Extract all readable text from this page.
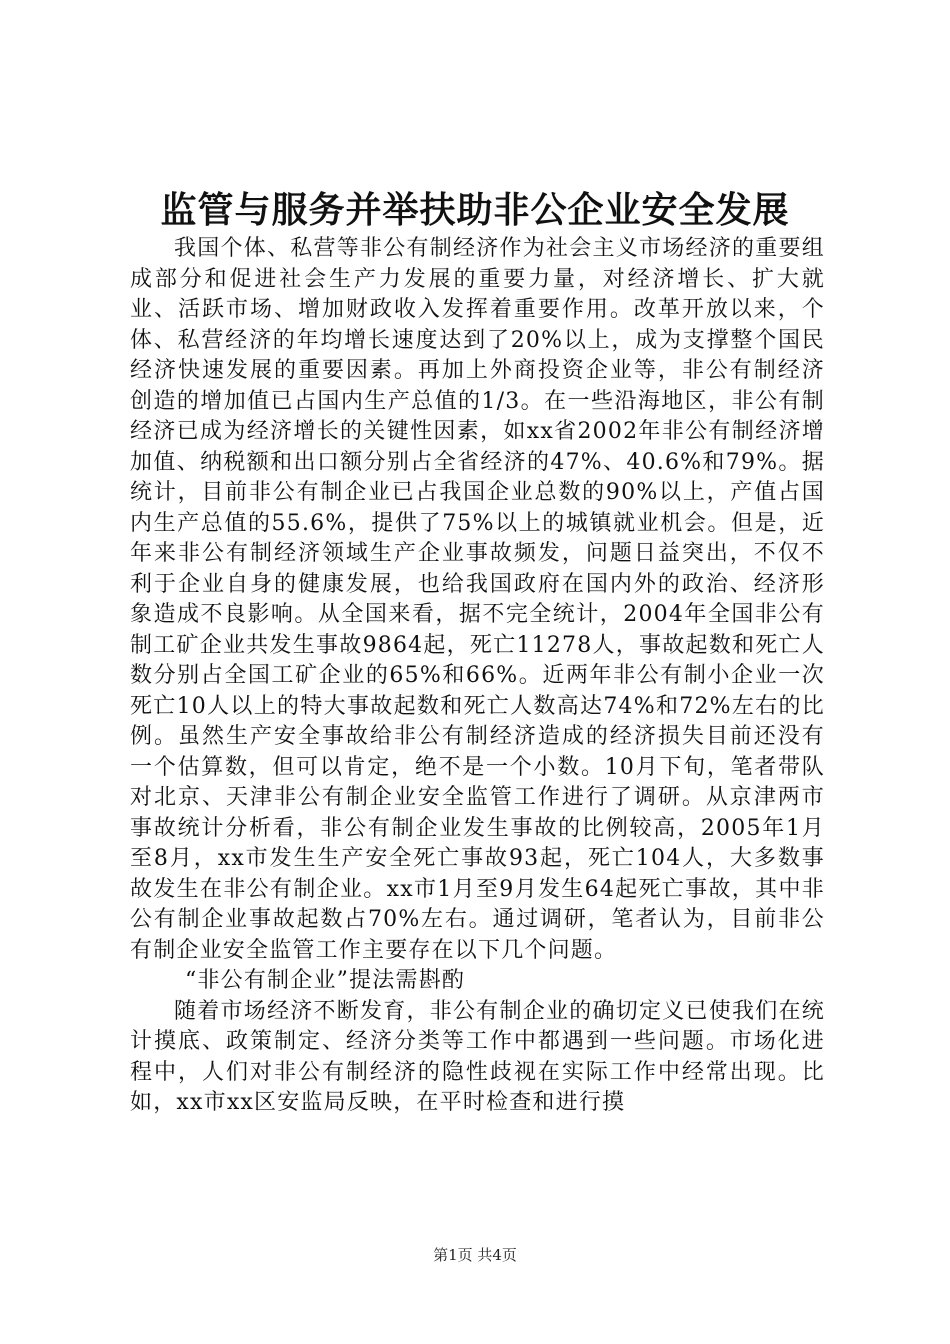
监管与服务并举扶助非公企业安全发展

我国个体、私营等非公有制经济作为社会主义市场经济的重要组成部分和促进社会生产力发展的重要力量，对经济增长、扩大就业、活跃市场、增加财政收入发挥着重要作用。改革开放以来，个体、私营经济的年均增长速度达到了20%以上，成为支撑整个国民经济快速发展的重要因素。再加上外商投资企业等，非公有制经济创造的增加值已占国内生产总值的1/3。在一些沿海地区，非公有制经济已成为经济增长的关键性因素，如xx省2002年非公有制经济增加值、纳税额和出口额分别占全省经济的47%、40.6%和79%。据统计，目前非公有制企业已占我国企业总数的90%以上，产值占国内生产总值的55.6%，提供了75%以上的城镇就业机会。但是，近年来非公有制经济领域生产企业事故频发，问题日益突出，不仅不利于企业自身的健康发展，也给我国政府在国内外的政治、经济形象造成不良影响。从全国来看，据不完全统计，2004年全国非公有制工矿企业共发生事故9864起，死亡11278人，事故起数和死亡人数分别占全国工矿企业的65%和66%。近两年非公有制小企业一次死亡10人以上的特大事故起数和死亡人数高达74%和72%左右的比例。虽然生产安全事故给非公有制经济造成的经济损失目前还没有一个估算数，但可以肯定，绝不是一个小数。10月下旬，笔者带队对北京、天津非公有制企业安全监管工作进行了调研。从京津两市事故统计分析看，非公有制企业发生事故的比例较高，2005年1月至8月，xx市发生生产安全死亡事故93起，死亡104人，大多数事故发生在非公有制企业。xx市1月至9月发生64起死亡事故，其中非公有制企业事故起数占70%左右。通过调研，笔者认为，目前非公有制企业安全监管工作主要存在以下几个问题。

“非公有制企业”提法需斟酌

随着市场经济不断发育，非公有制企业的确切定义已使我们在统计摸底、政策制定、经济分类等工作中都遇到一些问题。市场化进程中，人们对非公有制经济的隐性歧视在实际工作中经常出现。比如，xx市xx区安监局反映，在平时检查和进行摸

第1页 共4页
